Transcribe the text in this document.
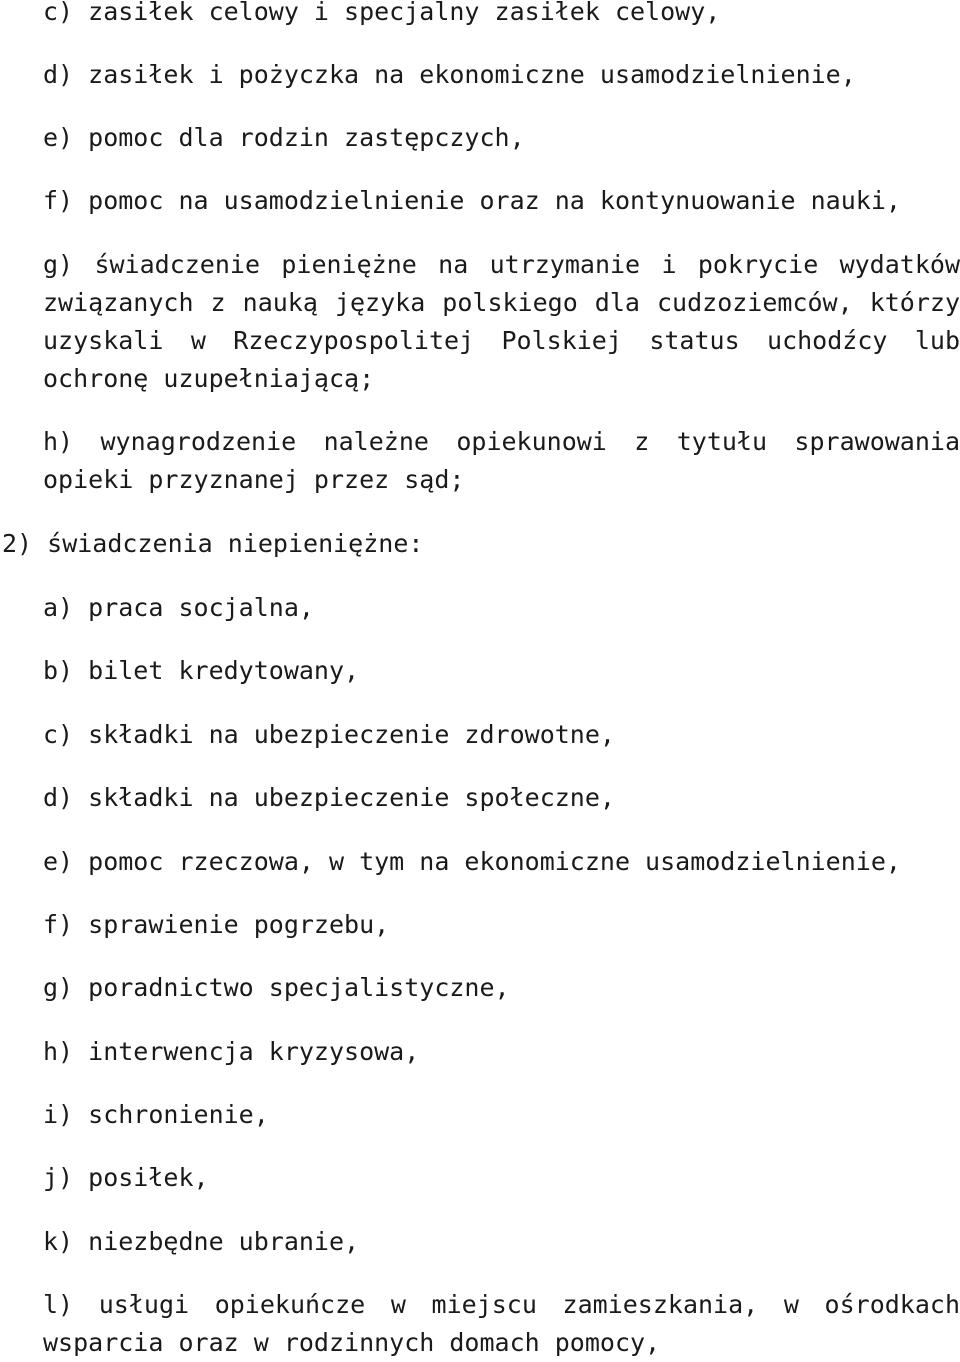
c) zasiłek celowy i specjalny zasiłek celowy,

d) zasiłek i pożyczka na ekonomiczne usamodzielnienie,

e) pomoc dla rodzin zastępczych,

f) pomoc na usamodzielnienie oraz na kontynuowanie nauki,

g) świadczenie pieniężne na utrzymanie i pokrycie wydatków związanych z nauką języka polskiego dla cudzoziemców, którzy uzyskali w Rzeczypospolitej Polskiej status uchodźcy lub ochronę uzupełniającą;

h) wynagrodzenie należne opiekunowi z tytułu sprawowania opieki przyznanej przez sąd;

2) świadczenia niepieniężne:

a) praca socjalna,

b) bilet kredytowany,

c) składki na ubezpieczenie zdrowotne,

d) składki na ubezpieczenie społeczne,

e) pomoc rzeczowa, w tym na ekonomiczne usamodzielnienie,

f) sprawienie pogrzebu,

g) poradnictwo specjalistyczne,

h) interwencja kryzysowa,

i) schronienie,

j) posiłek,

k) niezbędne ubranie,

l) usługi opiekuńcze w miejscu zamieszkania, w ośrodkach wsparcia oraz w rodzinnych domach pomocy,
